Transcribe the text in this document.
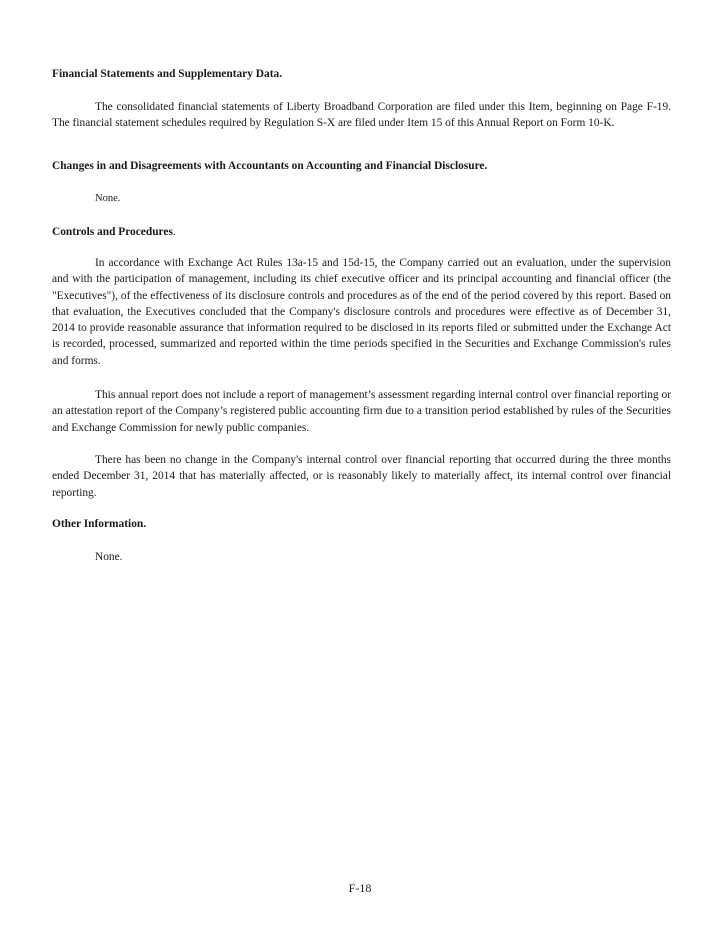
Financial Statements and Supplementary Data.
The consolidated financial statements of Liberty Broadband Corporation are filed under this Item, beginning on Page F-19. The financial statement schedules required by Regulation S-X are filed under Item 15 of this Annual Report on Form 10-K.
Changes in and Disagreements with Accountants on Accounting and Financial Disclosure.
None.
Controls and Procedures.
In accordance with Exchange Act Rules 13a-15 and 15d-15, the Company carried out an evaluation, under the supervision and with the participation of management, including its chief executive officer and its principal accounting and financial officer (the "Executives"), of the effectiveness of its disclosure controls and procedures as of the end of the period covered by this report. Based on that evaluation, the Executives concluded that the Company's disclosure controls and procedures were effective as of December 31, 2014 to provide reasonable assurance that information required to be disclosed in its reports filed or submitted under the Exchange Act is recorded, processed, summarized and reported within the time periods specified in the Securities and Exchange Commission's rules and forms.
This annual report does not include a report of management’s assessment regarding internal control over financial reporting or an attestation report of the Company’s registered public accounting firm due to a transition period established by rules of the Securities and Exchange Commission for newly public companies.
There has been no change in the Company's internal control over financial reporting that occurred during the three months ended December 31, 2014 that has materially affected, or is reasonably likely to materially affect, its internal control over financial reporting.
Other Information.
None.
F-18
